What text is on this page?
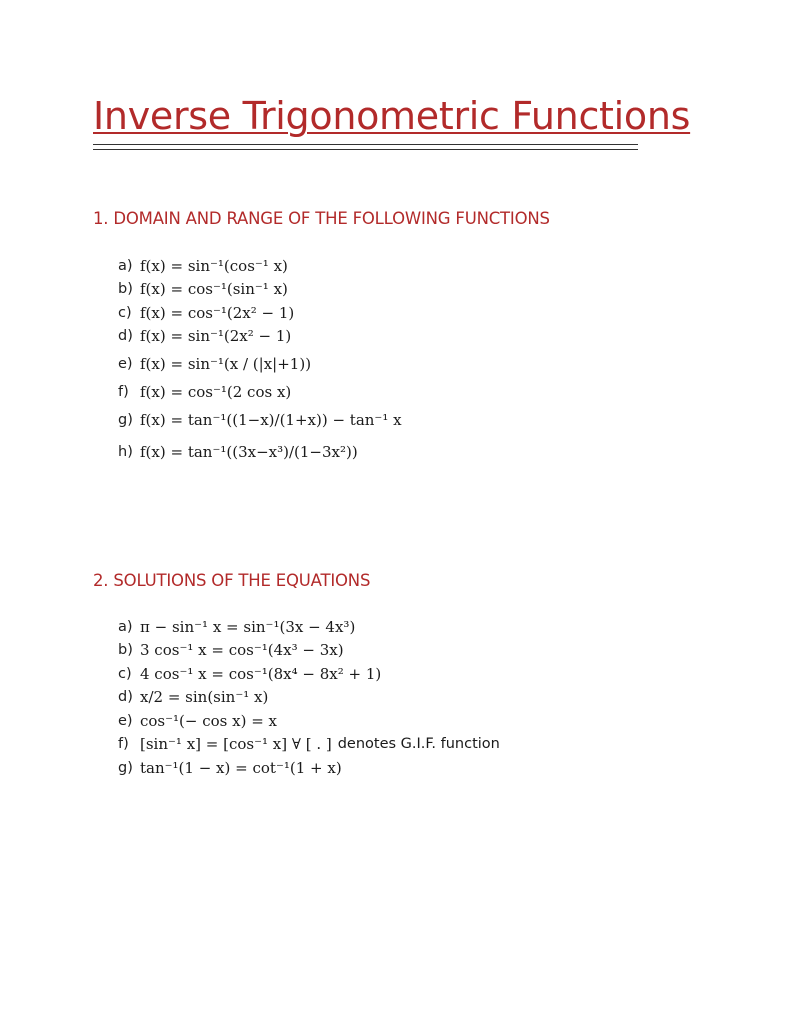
Inverse Trigonometric Functions
1. DOMAIN AND RANGE OF THE FOLLOWING FUNCTIONS
a) f(x) = sin⁻¹(cos⁻¹ x)
b) f(x) = cos⁻¹(sin⁻¹ x)
c) f(x) = cos⁻¹(2x² − 1)
d) f(x) = sin⁻¹(2x² − 1)
e) f(x) = sin⁻¹(x / (|x|+1))
f) f(x) = cos⁻¹(2 cos x)
g) f(x) = tan⁻¹((1−x)/(1+x)) − tan⁻¹ x
h) f(x) = tan⁻¹((3x−x³)/(1−3x²))
2. SOLUTIONS OF THE EQUATIONS
a) π − sin⁻¹ x = sin⁻¹(3x − 4x³)
b) 3 cos⁻¹ x = cos⁻¹(4x³ − 3x)
c) 4 cos⁻¹ x = cos⁻¹(8x⁴ − 8x² + 1)
d) x/2 = sin(sin⁻¹ x)
e) cos⁻¹(− cos x) = x
f) [sin⁻¹ x] = [cos⁻¹ x] ∀ [ . ] denotes G.I.F. function
g) tan⁻¹(1 − x) = cot⁻¹(1 + x)
